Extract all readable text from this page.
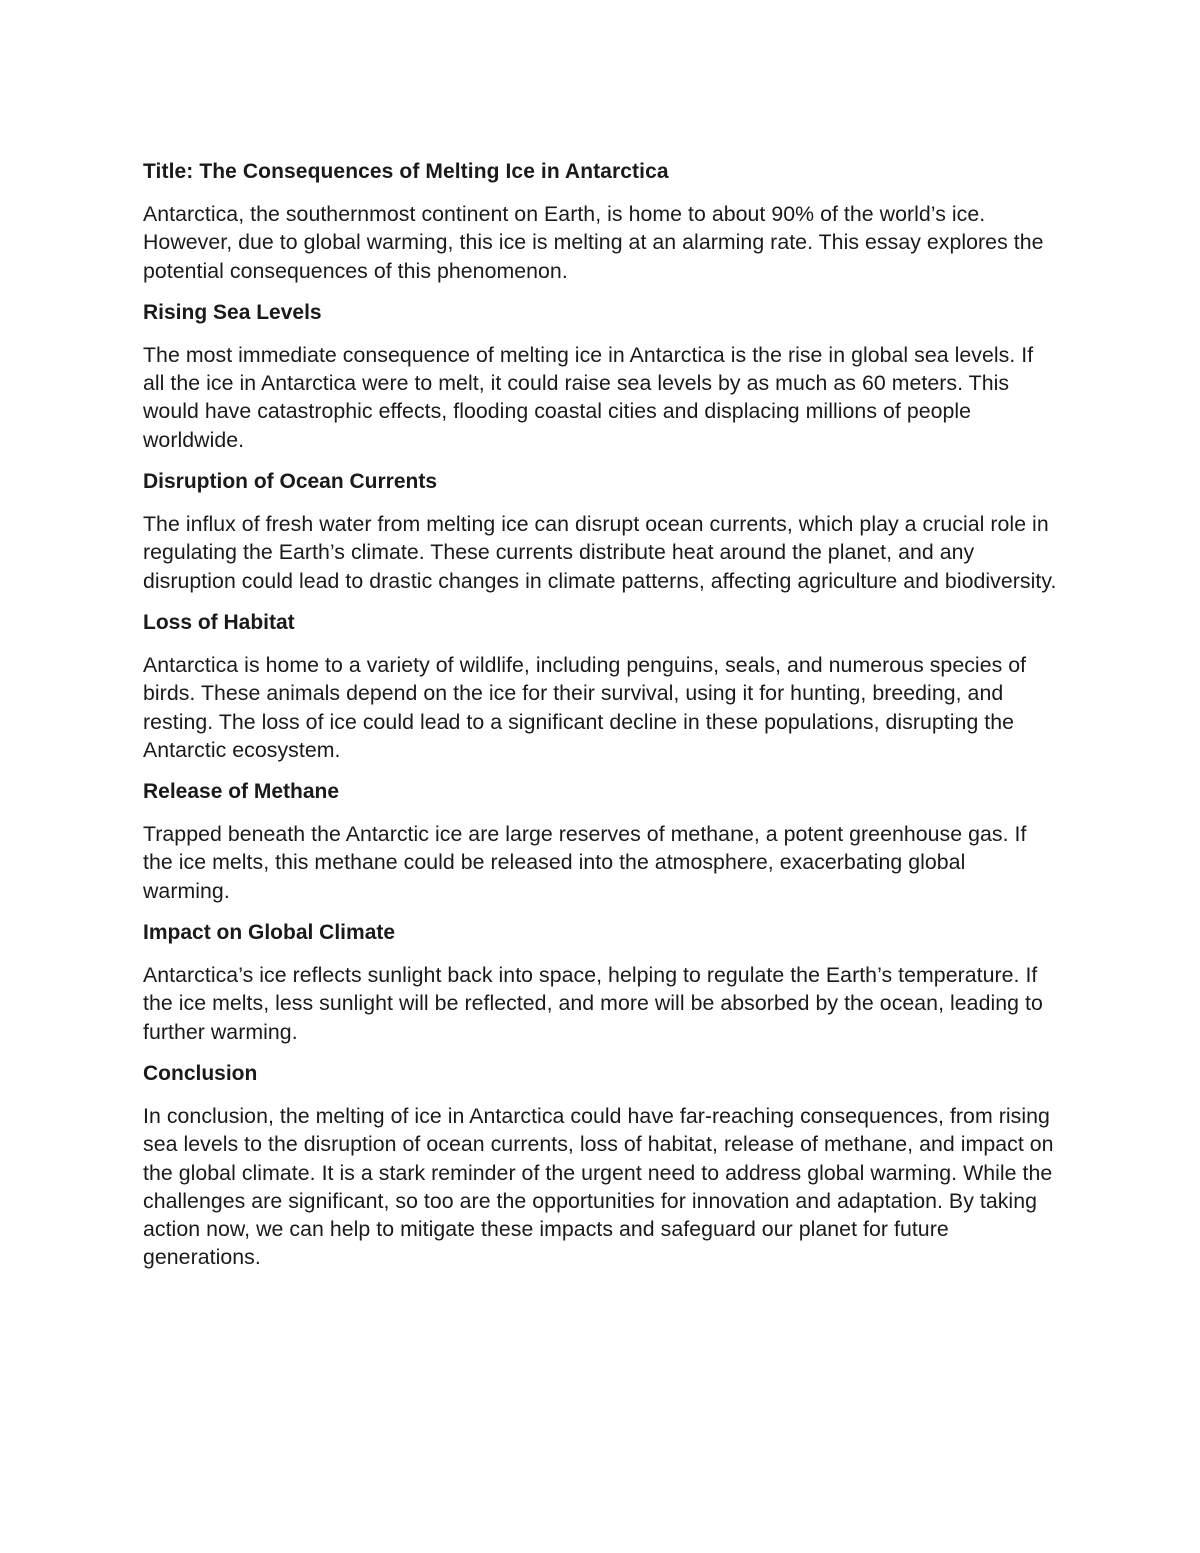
Title: The Consequences of Melting Ice in Antarctica

Antarctica, the southernmost continent on Earth, is home to about 90% of the world’s ice. However, due to global warming, this ice is melting at an alarming rate. This essay explores the potential consequences of this phenomenon.

Rising Sea Levels

The most immediate consequence of melting ice in Antarctica is the rise in global sea levels. If all the ice in Antarctica were to melt, it could raise sea levels by as much as 60 meters. This would have catastrophic effects, flooding coastal cities and displacing millions of people worldwide.

Disruption of Ocean Currents

The influx of fresh water from melting ice can disrupt ocean currents, which play a crucial role in regulating the Earth’s climate. These currents distribute heat around the planet, and any disruption could lead to drastic changes in climate patterns, affecting agriculture and biodiversity.

Loss of Habitat

Antarctica is home to a variety of wildlife, including penguins, seals, and numerous species of birds. These animals depend on the ice for their survival, using it for hunting, breeding, and resting. The loss of ice could lead to a significant decline in these populations, disrupting the Antarctic ecosystem.

Release of Methane

Trapped beneath the Antarctic ice are large reserves of methane, a potent greenhouse gas. If the ice melts, this methane could be released into the atmosphere, exacerbating global warming.

Impact on Global Climate

Antarctica’s ice reflects sunlight back into space, helping to regulate the Earth’s temperature. If the ice melts, less sunlight will be reflected, and more will be absorbed by the ocean, leading to further warming.

Conclusion

In conclusion, the melting of ice in Antarctica could have far-reaching consequences, from rising sea levels to the disruption of ocean currents, loss of habitat, release of methane, and impact on the global climate. It is a stark reminder of the urgent need to address global warming. While the challenges are significant, so too are the opportunities for innovation and adaptation. By taking action now, we can help to mitigate these impacts and safeguard our planet for future generations.
